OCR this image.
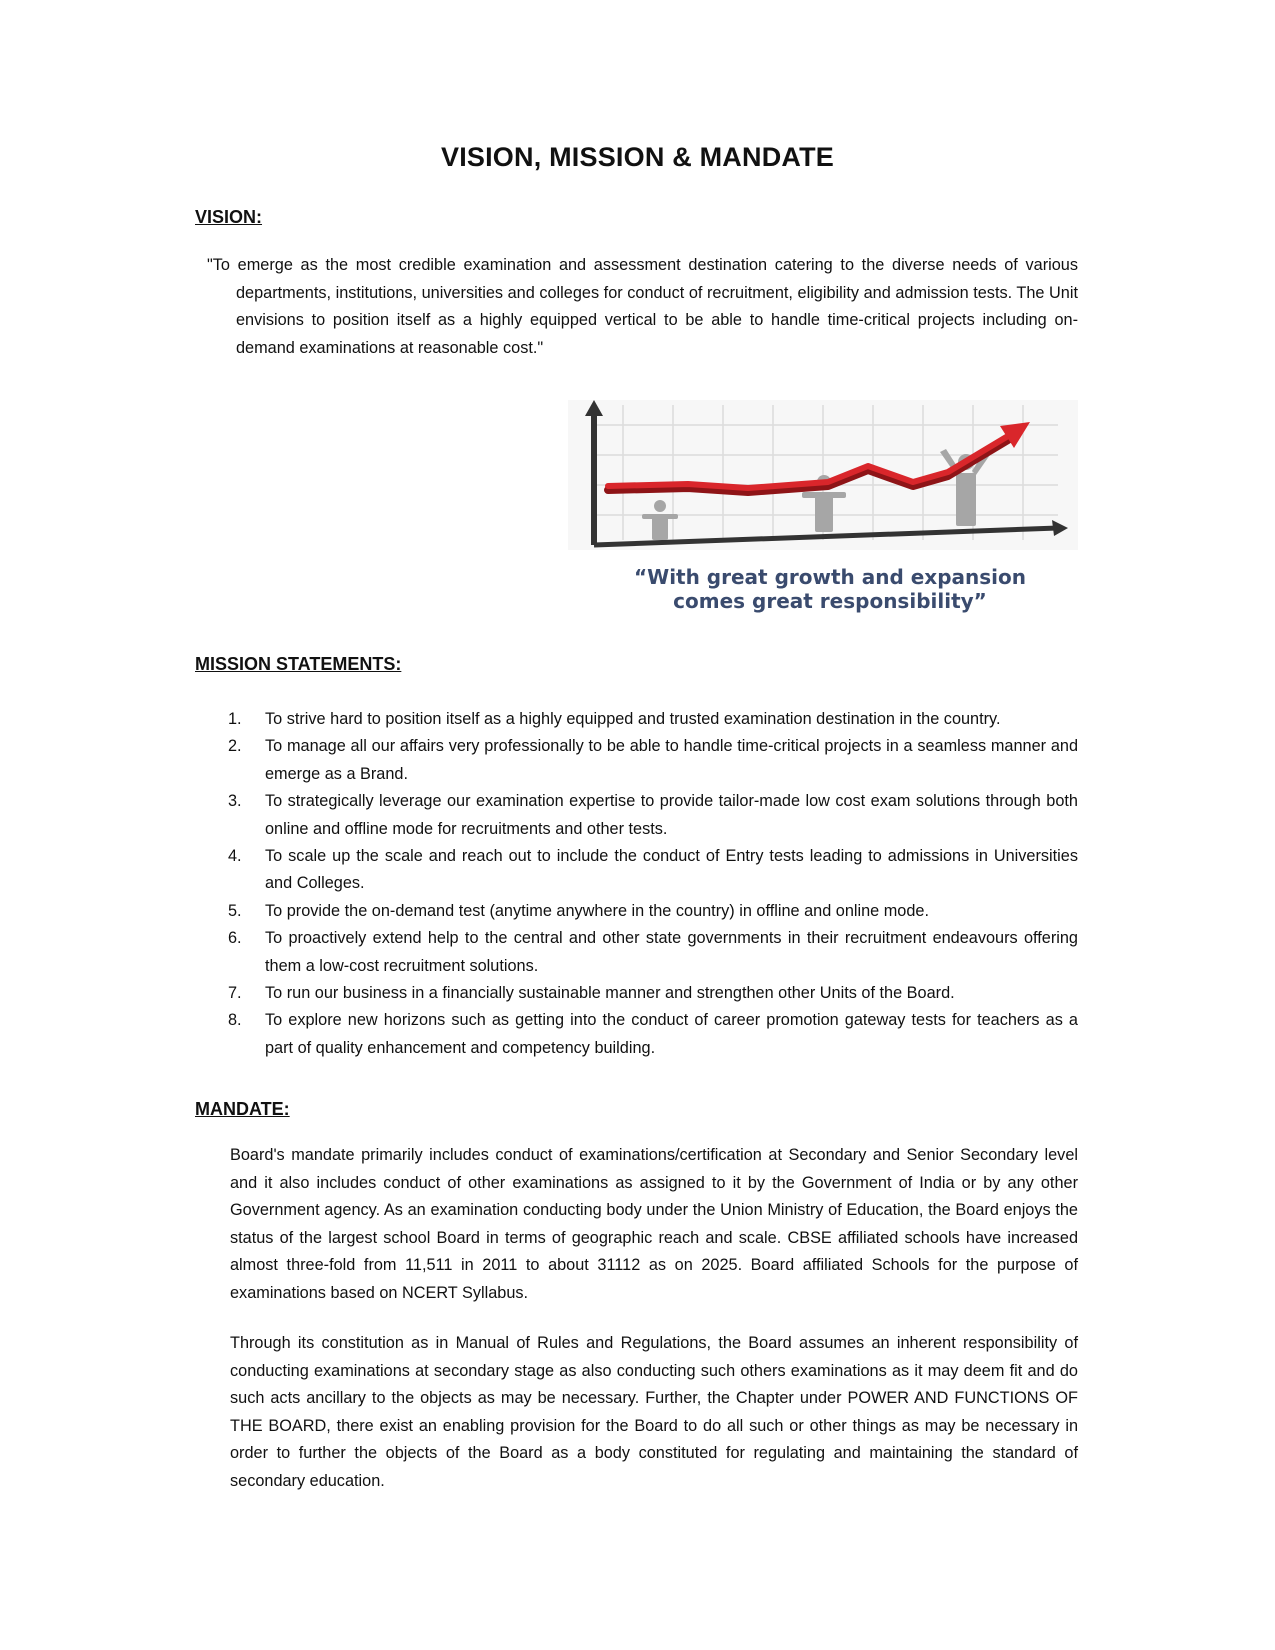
VISION, MISSION & MANDATE
VISION:

"To emerge as the most credible examination and assessment destination catering to the diverse needs of various departments, institutions, universities and colleges for conduct of recruitment, eligibility and admission tests. The Unit envisions to position itself as a highly equipped vertical to be able to handle time-critical projects including on-demand examinations at reasonable cost."

“With great growth and expansion
comes great responsibility”
MISSION STATEMENTS:
1. To strive hard to position itself as a highly equipped and trusted examination destination in the country.
2. To manage all our affairs very professionally to be able to handle time-critical projects in a seamless manner and emerge as a Brand.
3. To strategically leverage our examination expertise to provide tailor-made low cost exam solutions through both online and offline mode for recruitments and other tests.
4. To scale up the scale and reach out to include the conduct of Entry tests leading to admissions in Universities and Colleges.
5. To provide the on-demand test (anytime anywhere in the country) in offline and online mode.
6. To proactively extend help to the central and other state governments in their recruitment endeavours offering them a low-cost recruitment solutions.
7. To run our business in a financially sustainable manner and strengthen other Units of the Board.
8. To explore new horizons such as getting into the conduct of career promotion gateway tests for teachers as a part of quality enhancement and competency building.
MANDATE:

Board's mandate primarily includes conduct of examinations/certification at Secondary and Senior Secondary level and it also includes conduct of other examinations as assigned to it by the Government of India or by any other Government agency. As an examination conducting body under the Union Ministry of Education, the Board enjoys the status of the largest school Board in terms of geographic reach and scale. CBSE affiliated schools have increased almost three-fold from 11,511 in 2011 to about 31112 as on 2025. Board affiliated Schools for the purpose of examinations based on NCERT Syllabus.

Through its constitution as in Manual of Rules and Regulations, the Board assumes an inherent responsibility of conducting examinations at secondary stage as also conducting such others examinations as it may deem fit and do such acts ancillary to the objects as may be necessary. Further, the Chapter under POWER AND FUNCTIONS OF THE BOARD, there exist an enabling provision for the Board to do all such or other things as may be necessary in order to further the objects of the Board as a body constituted for regulating and maintaining the standard of secondary education.
